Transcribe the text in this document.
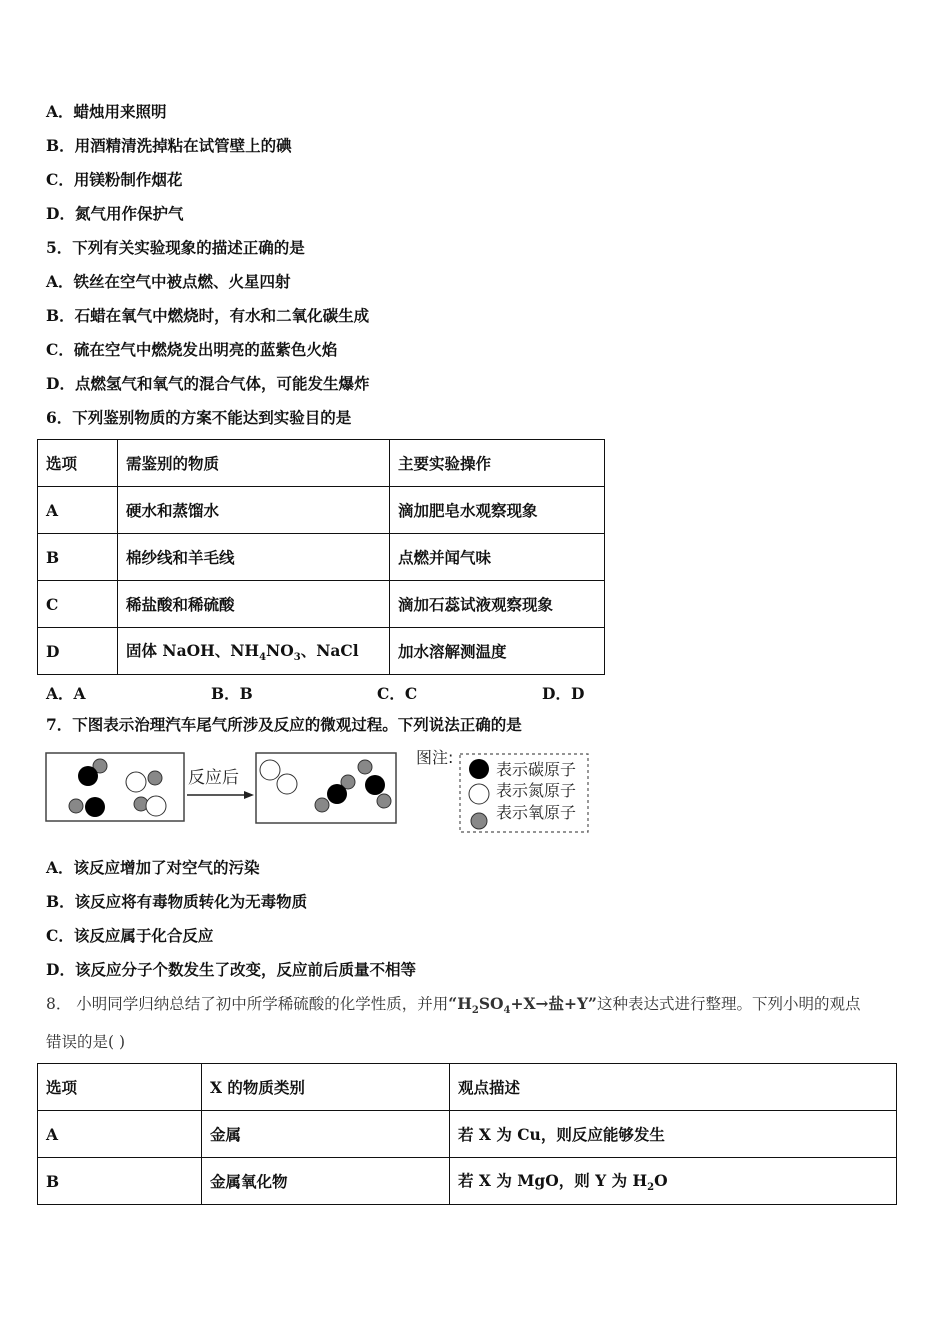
A．蜡烛用来照明
B．用酒精清洗掉粘在试管壁上的碘
C．用镁粉制作烟花
D．氮气用作保护气
5．下列有关实验现象的描述正确的是
A．铁丝在空气中被点燃、火星四射
B．石蜡在氧气中燃烧时，有水和二氧化碳生成
C．硫在空气中燃烧发出明亮的蓝紫色火焰
D．点燃氢气和氧气的混合气体，可能发生爆炸
6．下列鉴别物质的方案不能达到实验目的是
选项	需鉴别的物质	主要实验操作
A	硬水和蒸馏水	滴加肥皂水观察现象
B	棉纱线和羊毛线	点燃并闻气味
C	稀盐酸和稀硫酸	滴加石蕊试液观察现象
D	固体 NaOH、$NH_4NO_3$、NaCl	加水溶解测温度
A．A	B．B	C．C	D．D
7．下图表示治理汽车尾气所涉及反应的微观过程。下列说法正确的是
反应后
图注:
表示碳原子
表示氮原子
表示氧原子
A．该反应增加了对空气的污染
B．该反应将有毒物质转化为无毒物质
C．该反应属于化合反应
D．该反应分子个数发生了改变，反应前后质量不相等
8． 小明同学归纳总结了初中所学稀硫酸的化学性质，并用“$H_2SO_4+X\to$盐+Y”这种表达式进行整理。下列小明的观点
错误的是( )
选项	X 的物质类别	观点描述
A	金属	若 X 为 Cu，则反应能够发生
B	金属氧化物	若 X 为 MgO，则 Y 为 $H_2O$
